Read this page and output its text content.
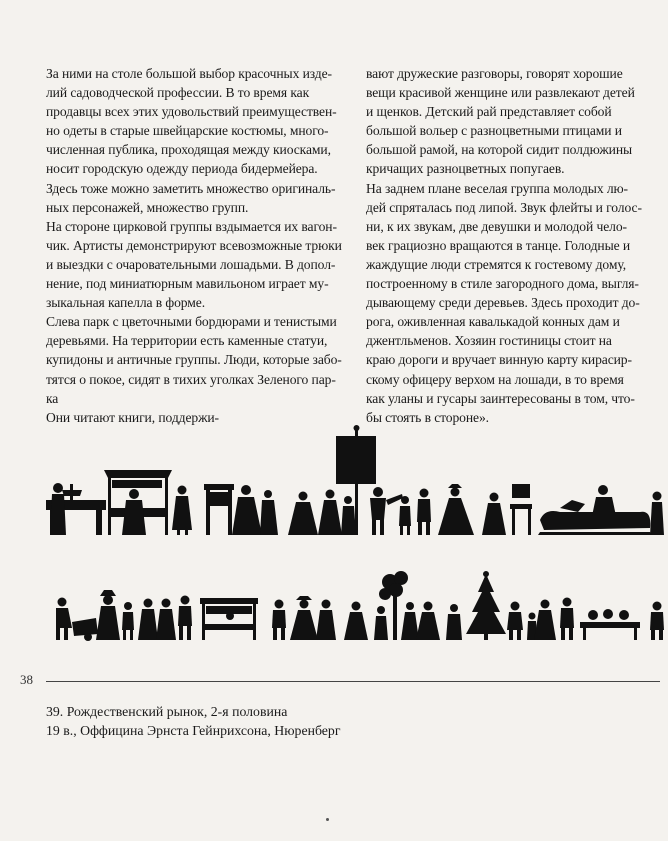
За ними на столе большой выбор красочных изде-

лий садоводческой профессии. В то время как

продавцы всех этих удовольствий преимуществен-

но одеты в старые швейцарские костюмы, много-

численная публика, проходящая между киосками,

носит городскую одежду периода бидермейера.

Здесь тоже можно заметить множество оригиналь-

ных персонажей, множество групп.

На стороне цирковой группы вздымается их вагон-

чик. Артисты демонстрируют всевозможные трюки

и выездки с очаровательными лошадьми. В допол-

нение, под миниатюрным мавильоном играет му-

зыкальная капелла в форме.

Слева парк с цветочными бордюрами и тенистыми

деревьями. На территории есть каменные статуи,

купидоны и античные группы. Люди, которые забо-

тятся о покое, сидят в тихих уголках Зеленого пар-

ка

Они читают книги, поддержи-

вают дружеские разговоры, говорят хорошие

вещи красивой женщине или развлекают детей

и щенков. Детский рай представляет собой

большой вольер с разноцветными птицами и

большой рамой, на которой сидит полдюжины

кричащих разноцветных попугаев.

На заднем плане веселая группа молодых лю-

дей спряталась под липой. Звук флейты и голос-

ни, к их звукам, две девушки и молодой чело-

век грациозно вращаются в танце. Голодные и

жаждущие люди стремятся к гостевому дому,

построенному в стиле загородного дома, выгля-

дывающему среди деревьев. Здесь проходит до-

рога, оживленная кавалькадой конных дам и

джентльменов. Хозяин гостиницы стоит на

краю дороги и вручает винную карту кирасир-

скому офицеру верхом на лошади, в то время

как уланы и гусары заинтересованы в том, что-

бы стоять в стороне».

38

39. Рождественский рынок, 2-я половина

19 в., Оффицина Эрнста Гейнрихсона, Нюренберг
